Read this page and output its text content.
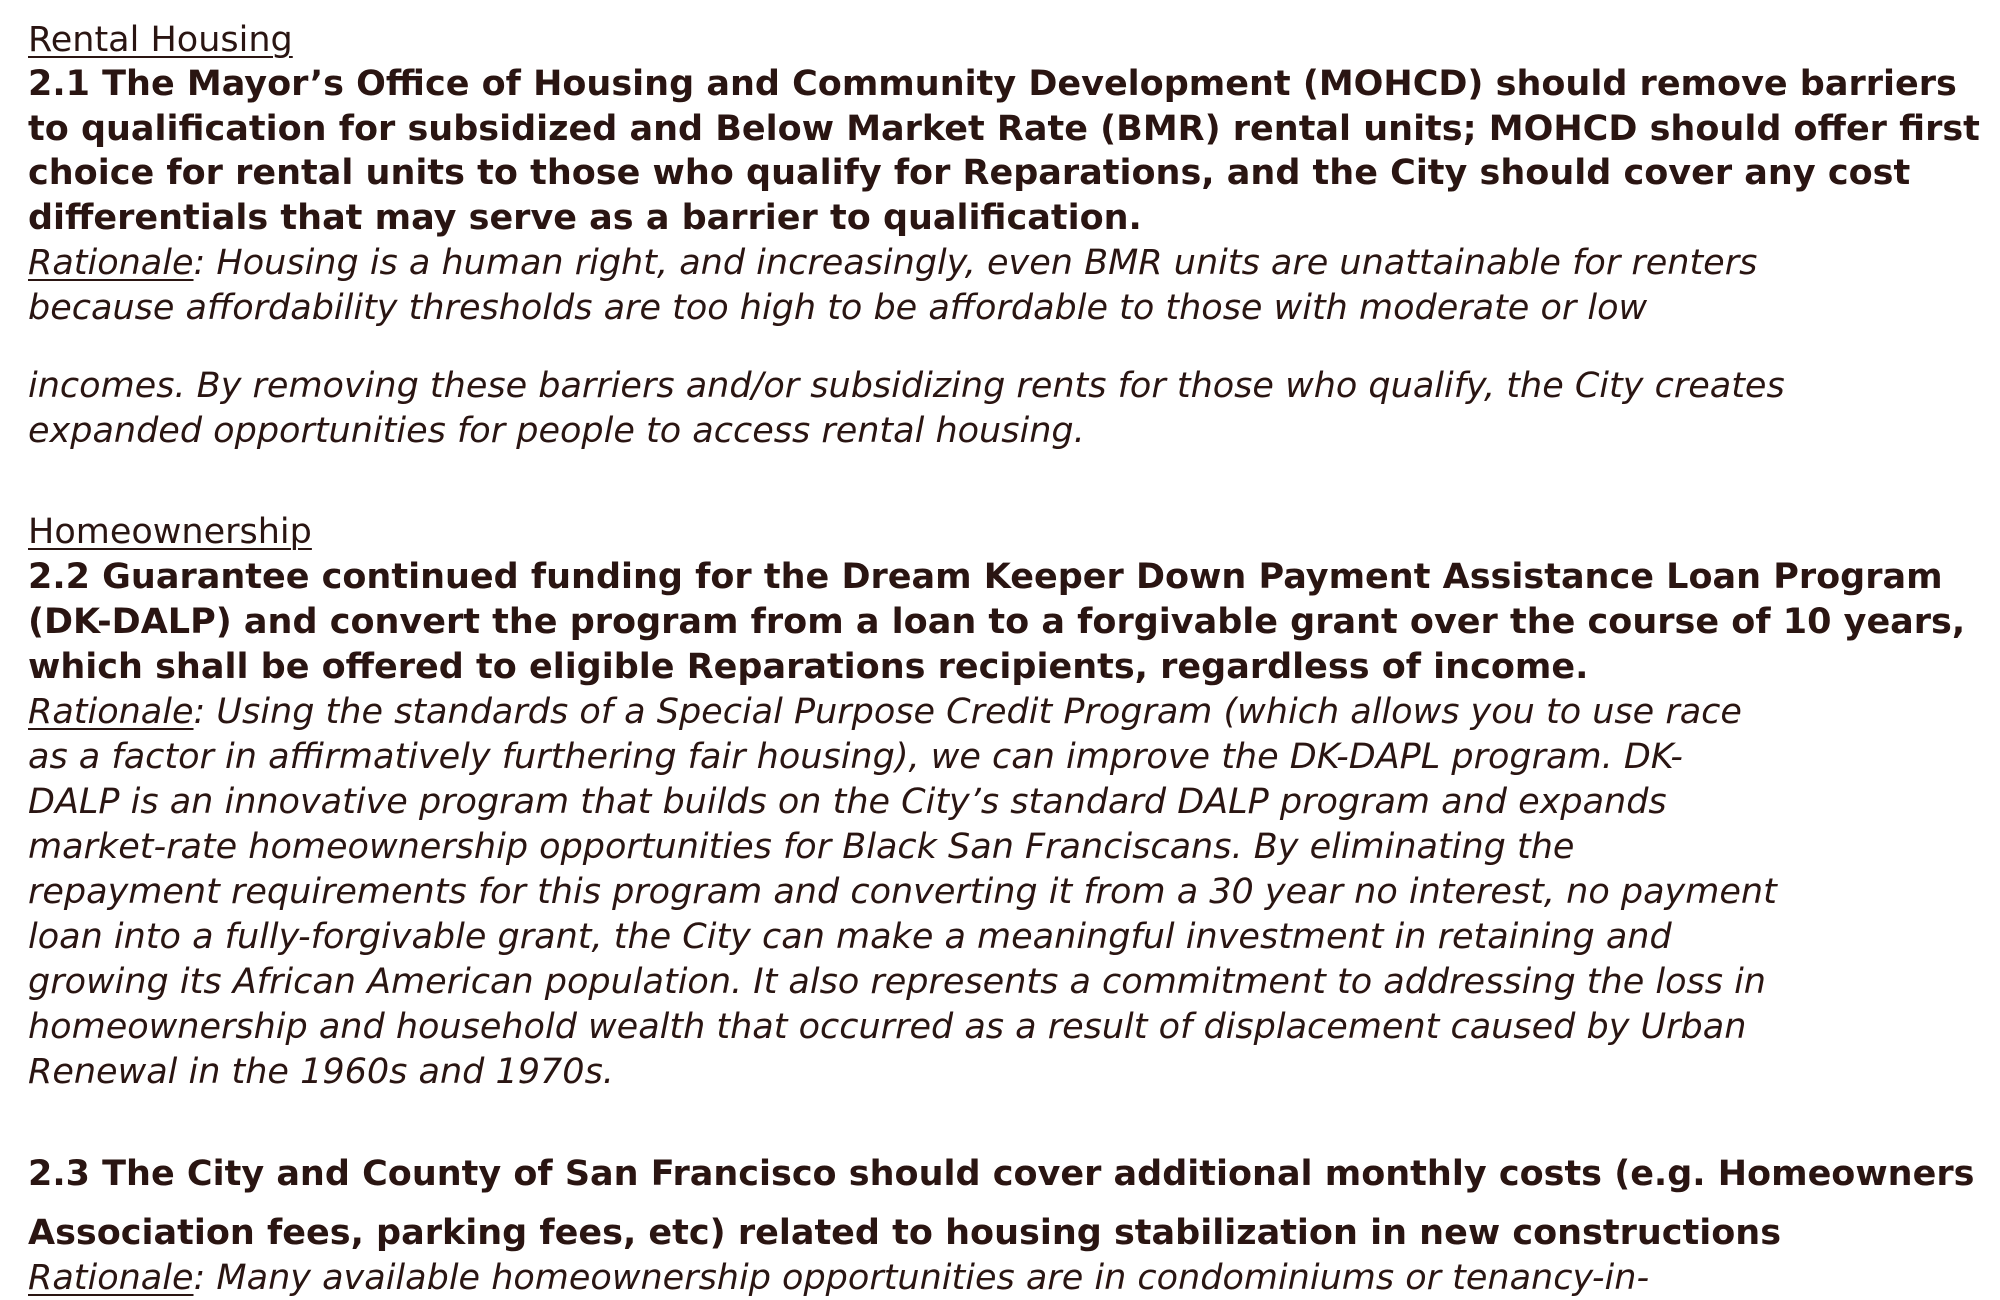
Rental Housing
2.1 The Mayor’s Office of Housing and Community Development (MOHCD) should remove barriers
to qualification for subsidized and Below Market Rate (BMR) rental units; MOHCD should offer first
choice for rental units to those who qualify for Reparations, and the City should cover any cost
differentials that may serve as a barrier to qualification.
Rationale: Housing is a human right, and increasingly, even BMR units are unattainable for renters
because affordability thresholds are too high to be affordable to those with moderate or low
incomes. By removing these barriers and/or subsidizing rents for those who qualify, the City creates
expanded opportunities for people to access rental housing.
Homeownership
2.2 Guarantee continued funding for the Dream Keeper Down Payment Assistance Loan Program
(DK-DALP) and convert the program from a loan to a forgivable grant over the course of 10 years,
which shall be offered to eligible Reparations recipients, regardless of income.
Rationale: Using the standards of a Special Purpose Credit Program (which allows you to use race
as a factor in affirmatively furthering fair housing), we can improve the DK-DAPL program. DK-
DALP is an innovative program that builds on the City’s standard DALP program and expands
market-rate homeownership opportunities for Black San Franciscans. By eliminating the
repayment requirements for this program and converting it from a 30 year no interest, no payment
loan into a fully-forgivable grant, the City can make a meaningful investment in retaining and
growing its African American population. It also represents a commitment to addressing the loss in
homeownership and household wealth that occurred as a result of displacement caused by Urban
Renewal in the 1960s and 1970s.
2.3 The City and County of San Francisco should cover additional monthly costs (e.g. Homeowners
Association fees, parking fees, etc) related to housing stabilization in new constructions
Rationale: Many available homeownership opportunities are in condominiums or tenancy-in-
